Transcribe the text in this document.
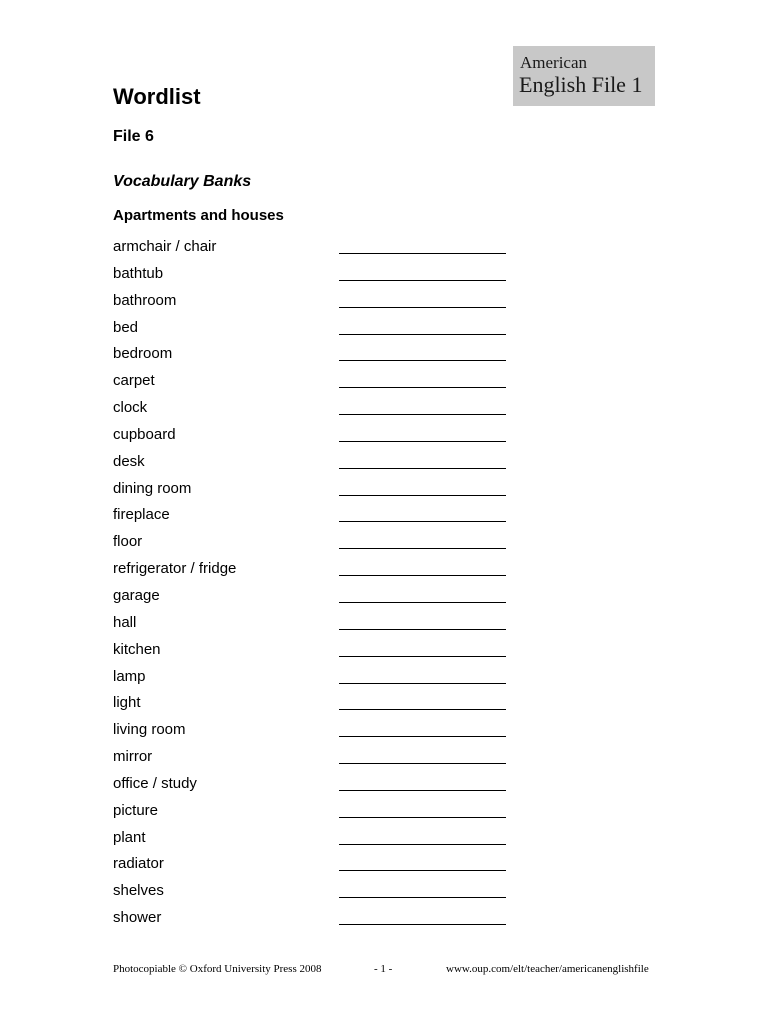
American
English File 1
Wordlist
File 6
Vocabulary Banks
Apartments and houses
armchair / chair
bathtub
bathroom
bed
bedroom
carpet
clock
cupboard
desk
dining room
fireplace
floor
refrigerator / fridge
garage
hall
kitchen
lamp
light
living room
mirror
office / study
picture
plant
radiator
shelves
shower
Photocopiable © Oxford University Press 2008	- 1 -	www.oup.com/elt/teacher/americanenglishfile
